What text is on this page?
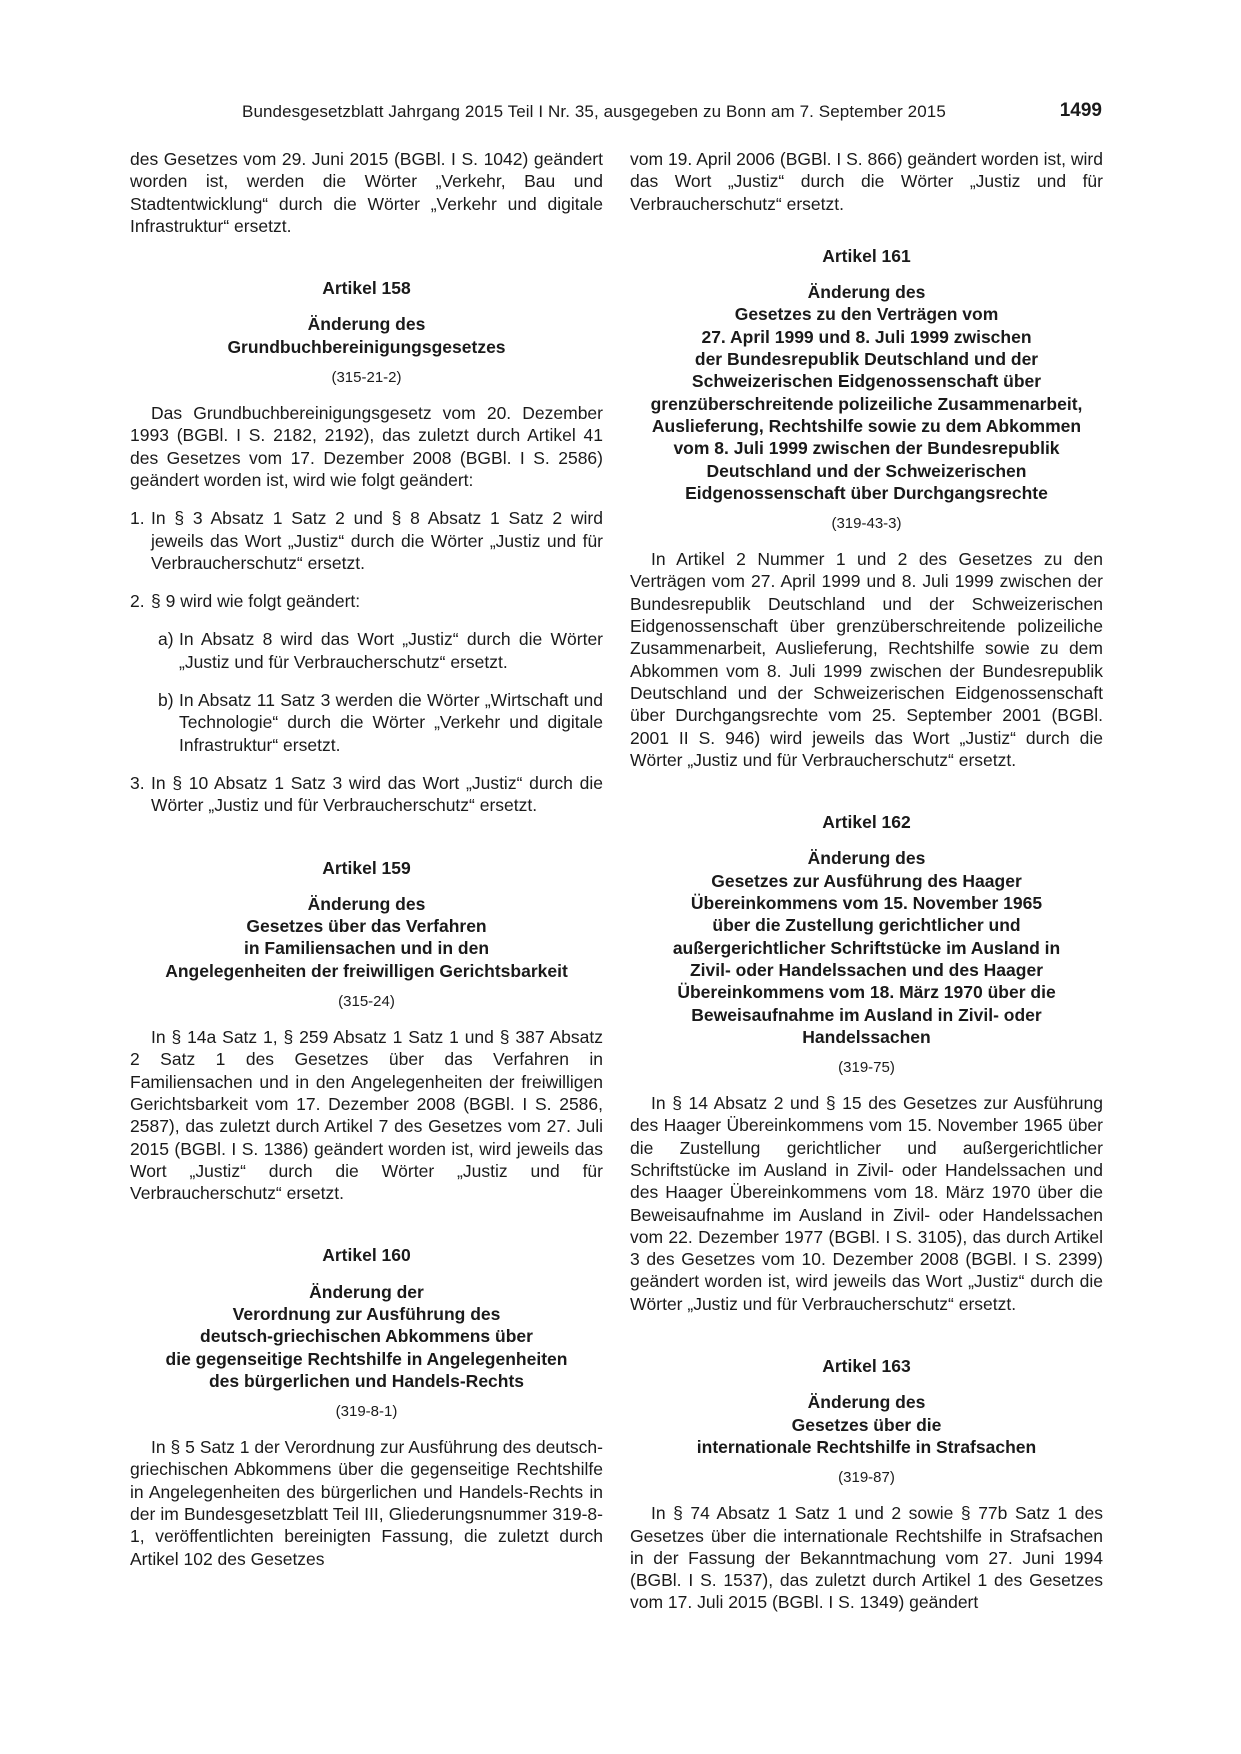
Bundesgesetzblatt Jahrgang 2015 Teil I Nr. 35, ausgegeben zu Bonn am 7. September 2015	1499

des Gesetzes vom 29. Juni 2015 (BGBl. I S. 1042) geändert worden ist, werden die Wörter „Verkehr, Bau und Stadtentwicklung“ durch die Wörter „Verkehr und digitale Infrastruktur“ ersetzt.

Artikel 158

Änderung des
Grundbuchbereinigungsgesetzes

(315-21-2)

Das Grundbuchbereinigungsgesetz vom 20. Dezember 1993 (BGBl. I S. 2182, 2192), das zuletzt durch Artikel 41 des Gesetzes vom 17. Dezember 2008 (BGBl. I S. 2586) geändert worden ist, wird wie folgt geändert:

1. In § 3 Absatz 1 Satz 2 und § 8 Absatz 1 Satz 2 wird jeweils das Wort „Justiz“ durch die Wörter „Justiz und für Verbraucherschutz“ ersetzt.
2. § 9 wird wie folgt geändert:
a) In Absatz 8 wird das Wort „Justiz“ durch die Wörter „Justiz und für Verbraucherschutz“ ersetzt.
b) In Absatz 11 Satz 3 werden die Wörter „Wirtschaft und Technologie“ durch die Wörter „Verkehr und digitale Infrastruktur“ ersetzt.
3. In § 10 Absatz 1 Satz 3 wird das Wort „Justiz“ durch die Wörter „Justiz und für Verbraucherschutz“ ersetzt.

Artikel 159

Änderung des
Gesetzes über das Verfahren
in Familiensachen und in den
Angelegenheiten der freiwilligen Gerichtsbarkeit

(315-24)

In § 14a Satz 1, § 259 Absatz 1 Satz 1 und § 387 Absatz 2 Satz 1 des Gesetzes über das Verfahren in Familiensachen und in den Angelegenheiten der freiwilligen Gerichtsbarkeit vom 17. Dezember 2008 (BGBl. I S. 2586, 2587), das zuletzt durch Artikel 7 des Gesetzes vom 27. Juli 2015 (BGBl. I S. 1386) geändert worden ist, wird jeweils das Wort „Justiz“ durch die Wörter „Justiz und für Verbraucherschutz“ ersetzt.

Artikel 160

Änderung der
Verordnung zur Ausführung des
deutsch-griechischen Abkommens über
die gegenseitige Rechtshilfe in Angelegenheiten
des bürgerlichen und Handels-Rechts

(319-8-1)

In § 5 Satz 1 der Verordnung zur Ausführung des deutsch-griechischen Abkommens über die gegenseitige Rechtshilfe in Angelegenheiten des bürgerlichen und Handels-Rechts in der im Bundesgesetzblatt Teil III, Gliederungsnummer 319-8-1, veröffentlichten bereinigten Fassung, die zuletzt durch Artikel 102 des Gesetzes

vom 19. April 2006 (BGBl. I S. 866) geändert worden ist, wird das Wort „Justiz“ durch die Wörter „Justiz und für Verbraucherschutz“ ersetzt.

Artikel 161

Änderung des
Gesetzes zu den Verträgen vom
27. April 1999 und 8. Juli 1999 zwischen
der Bundesrepublik Deutschland und der
Schweizerischen Eidgenossenschaft über
grenzüberschreitende polizeiliche Zusammenarbeit,
Auslieferung, Rechtshilfe sowie zu dem Abkommen
vom 8. Juli 1999 zwischen der Bundesrepublik
Deutschland und der Schweizerischen
Eidgenossenschaft über Durchgangsrechte

(319-43-3)

In Artikel 2 Nummer 1 und 2 des Gesetzes zu den Verträgen vom 27. April 1999 und 8. Juli 1999 zwischen der Bundesrepublik Deutschland und der Schweizerischen Eidgenossenschaft über grenzüberschreitende polizeiliche Zusammenarbeit, Auslieferung, Rechtshilfe sowie zu dem Abkommen vom 8. Juli 1999 zwischen der Bundesrepublik Deutschland und der Schweizerischen Eidgenossenschaft über Durchgangsrechte vom 25. September 2001 (BGBl. 2001 II S. 946) wird jeweils das Wort „Justiz“ durch die Wörter „Justiz und für Verbraucherschutz“ ersetzt.

Artikel 162

Änderung des
Gesetzes zur Ausführung des Haager
Übereinkommens vom 15. November 1965
über die Zustellung gerichtlicher und
außergerichtlicher Schriftstücke im Ausland in
Zivil- oder Handelssachen und des Haager Übereinkommens vom 18. März 1970 über die Beweisaufnahme im Ausland in Zivil- oder Handelssachen

(319-75)

In § 14 Absatz 2 und § 15 des Gesetzes zur Ausführung des Haager Übereinkommens vom 15. November 1965 über die Zustellung gerichtlicher und außergerichtlicher Schriftstücke im Ausland in Zivil- oder Handelssachen und des Haager Übereinkommens vom 18. März 1970 über die Beweisaufnahme im Ausland in Zivil- oder Handelssachen vom 22. Dezember 1977 (BGBl. I S. 3105), das durch Artikel 3 des Gesetzes vom 10. Dezember 2008 (BGBl. I S. 2399) geändert worden ist, wird jeweils das Wort „Justiz“ durch die Wörter „Justiz und für Verbraucherschutz“ ersetzt.

Artikel 163

Änderung des
Gesetzes über die
internationale Rechtshilfe in Strafsachen

(319-87)

In § 74 Absatz 1 Satz 1 und 2 sowie § 77b Satz 1 des Gesetzes über die internationale Rechtshilfe in Strafsachen in der Fassung der Bekanntmachung vom 27. Juni 1994 (BGBl. I S. 1537), das zuletzt durch Artikel 1 des Gesetzes vom 17. Juli 2015 (BGBl. I S. 1349) geändert
